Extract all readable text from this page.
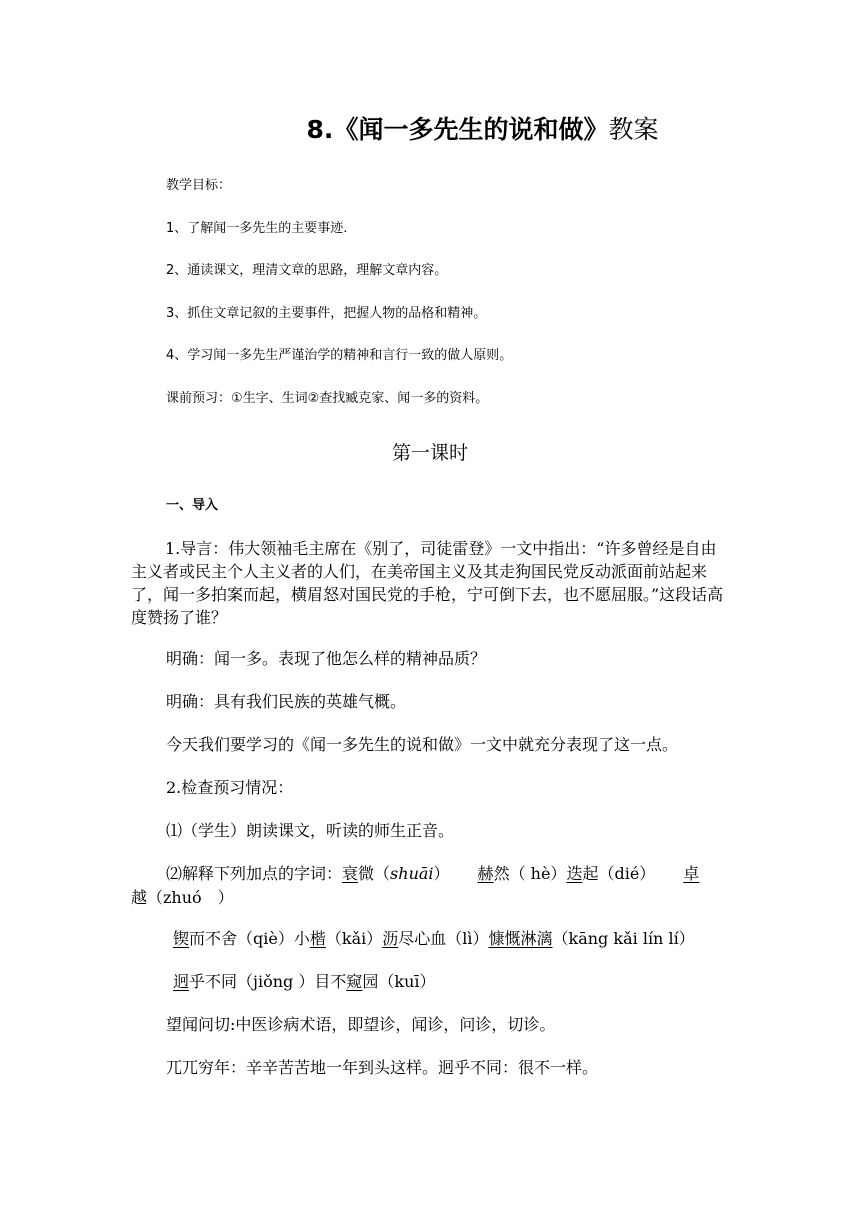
8.《闻一多先生的说和做》教案
教学目标：
1、了解闻一多先生的主要事迹.
2、通读课文，理清文章的思路，理解文章内容。
3、抓住文章记叙的主要事件，把握人物的品格和精神。
4、学习闻一多先生严谨治学的精神和言行一致的做人原则。
课前预习：①生字、生词②查找臧克家、闻一多的资料。
第一课时
一、导入
1.导言：伟大领袖毛主席在《别了，司徒雷登》一文中指出：“许多曾经是自由主义者或民主个人主义者的人们，在美帝国主义及其走狗国民党反动派面前站起来了，闻一多拍案而起，横眉怒对国民党的手枪，宁可倒下去，也不愿屈服。”这段话高度赞扬了谁？
明确：闻一多。表现了他怎么样的精神品质？
明确：具有我们民族的英雄气概。
今天我们要学习的《闻一多先生的说和做》一文中就充分表现了这一点。
2.检查预习情况：
⑴（学生）朗读课文，听读的师生正音。
⑵解释下列加点的字词：衰微（shuāi） 赫然（ hè）迭起（dié） 卓
越（zhuó　）
锲而不舍（qiè）小楷（kǎi）沥尽心血（lì）慷慨淋漓（kāng kǎi lín lí）
迥乎不同（jiǒng ）目不窥园（kuī）
望闻问切:中医诊病术语，即望诊，闻诊，问诊，切诊。
兀兀穷年：辛辛苦苦地一年到头这样。迥乎不同：很不一样。
